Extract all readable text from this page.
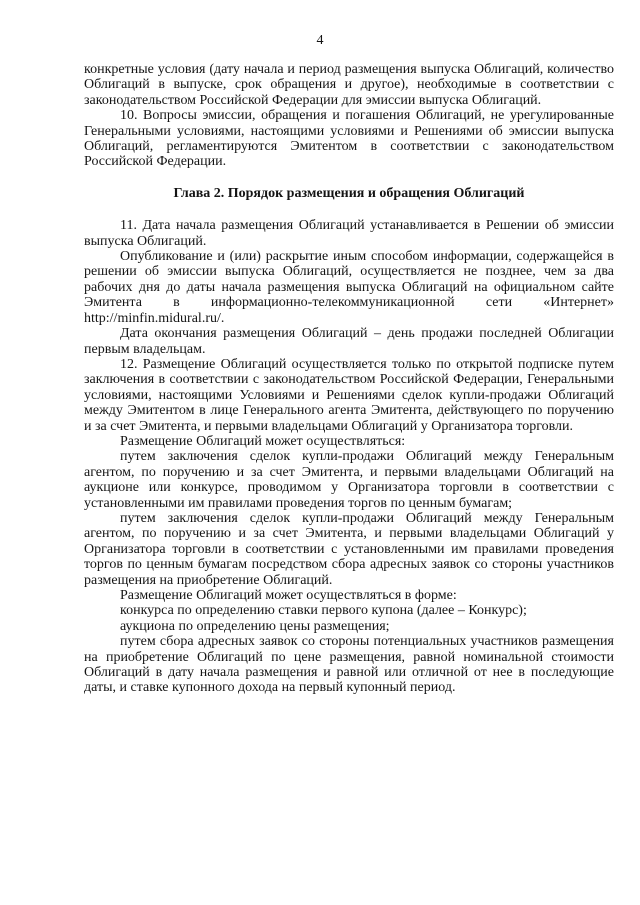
4

конкретные условия (дату начала и период размещения выпуска Облигаций, количество Облигаций в выпуске, срок обращения и другое), необходимые в соответствии с законодательством Российской Федерации для эмиссии выпуска Облигаций.

10. Вопросы эмиссии, обращения и погашения Облигаций, не урегулированные Генеральными условиями, настоящими условиями и Решениями об эмиссии выпуска Облигаций, регламентируются Эмитентом в соответствии с законодательством Российской Федерации.

Глава 2. Порядок размещения и обращения Облигаций

11. Дата начала размещения Облигаций устанавливается в Решении об эмиссии выпуска Облигаций.

Опубликование и (или) раскрытие иным способом информации, содержащейся в решении об эмиссии выпуска Облигаций, осуществляется не позднее, чем за два рабочих дня до даты начала размещения выпуска Облигаций на официальном сайте Эмитента в информационно-телекоммуникационной сети «Интернет» http://minfin.midural.ru/.

Дата окончания размещения Облигаций – день продажи последней Облигации первым владельцам.

12. Размещение Облигаций осуществляется только по открытой подписке путем заключения в соответствии с законодательством Российской Федерации, Генеральными условиями, настоящими Условиями и Решениями сделок купли-продажи Облигаций между Эмитентом в лице Генерального агента Эмитента, действующего по поручению и за счет Эмитента, и первыми владельцами Облигаций у Организатора торговли.

Размещение Облигаций может осуществляться:

путем заключения сделок купли-продажи Облигаций между Генеральным агентом, по поручению и за счет Эмитента, и первыми владельцами Облигаций на аукционе или конкурсе, проводимом у Организатора торговли в соответствии с установленными им правилами проведения торгов по ценным бумагам;

путем заключения сделок купли-продажи Облигаций между Генеральным агентом, по поручению и за счет Эмитента, и первыми владельцами Облигаций у Организатора торговли в соответствии с установленными им правилами проведения торгов по ценным бумагам посредством сбора адресных заявок со стороны участников размещения на приобретение Облигаций.

Размещение Облигаций может осуществляться в форме:

конкурса по определению ставки первого купона (далее – Конкурс);

аукциона по определению цены размещения;

путем сбора адресных заявок со стороны потенциальных участников размещения на приобретение Облигаций по цене размещения, равной номинальной стоимости Облигаций в дату начала размещения и равной или отличной от нее в последующие даты, и ставке купонного дохода на первый купонный период.
